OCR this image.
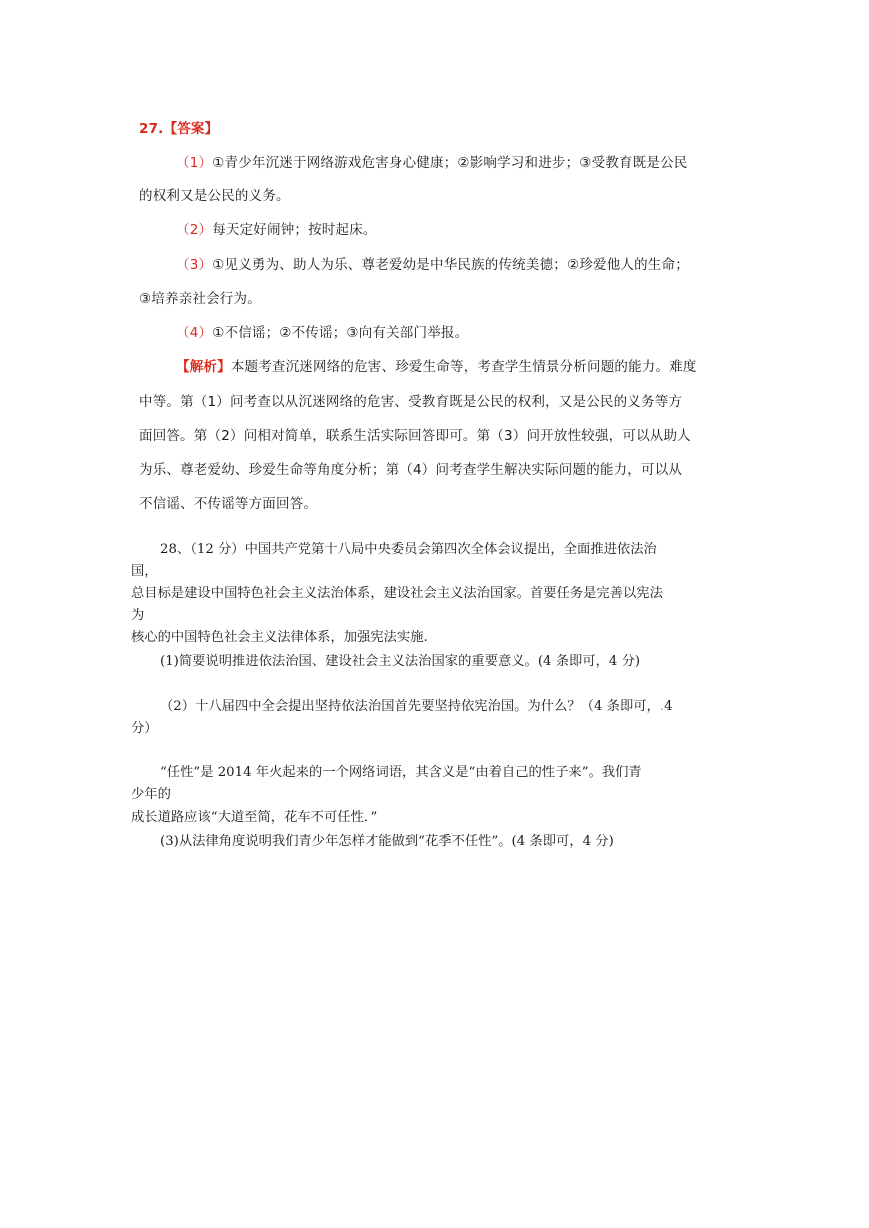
27.【答案】
（1）①青少年沉迷于网络游戏危害身心健康；②影响学习和进步；③受教育既是公民
的权利又是公民的义务。
（2）每天定好闹钟；按时起床。
（3）①见义勇为、助人为乐、尊老爱幼是中华民族的传统美德；②珍爱他人的生命；
③培养亲社会行为。
（4）①不信谣；②不传谣；③向有关部门举报。
【解析】本题考查沉迷网络的危害、珍爱生命等，考查学生情景分析问题的能力。难度
中等。第（1）问考查以从沉迷网络的危害、受教育既是公民的权利，又是公民的义务等方
面回答。第（2）问相对简单，联系生活实际回答即可。第（3）问开放性较强，可以从助人
为乐、尊老爱幼、珍爱生命等角度分析；第（4）问考查学生解决实际问题的能力，可以从
不信谣、不传谣等方面回答。
28、（12 分）中国共产党第十八局中央委员会第四次全体会议提出，全面推进依法治
国，
总目标是建设中国特色社会主义法治体系，建设社会主义法治国家。首要任务是完善以宪法
为
核心的中国特色社会主义法律体系，加强宪法实施.
(1)简要说明推进依法治国、建设社会主义法治国家的重要意义。(4 条即可，4 分)
（2）十八届四中全会提出坚持依法治国首先要坚持依宪治国。为什么？（4 条即可，.4
分）
“任性”是 2014 年火起来的一个网络词语，其含义是“由着自己的性子来”。我们青
少年的
成长道路应该“大道至简，花车不可任性．”
(3)从法律角度说明我们青少年怎样才能做到“花季不任性”。(4 条即可，4 分)
